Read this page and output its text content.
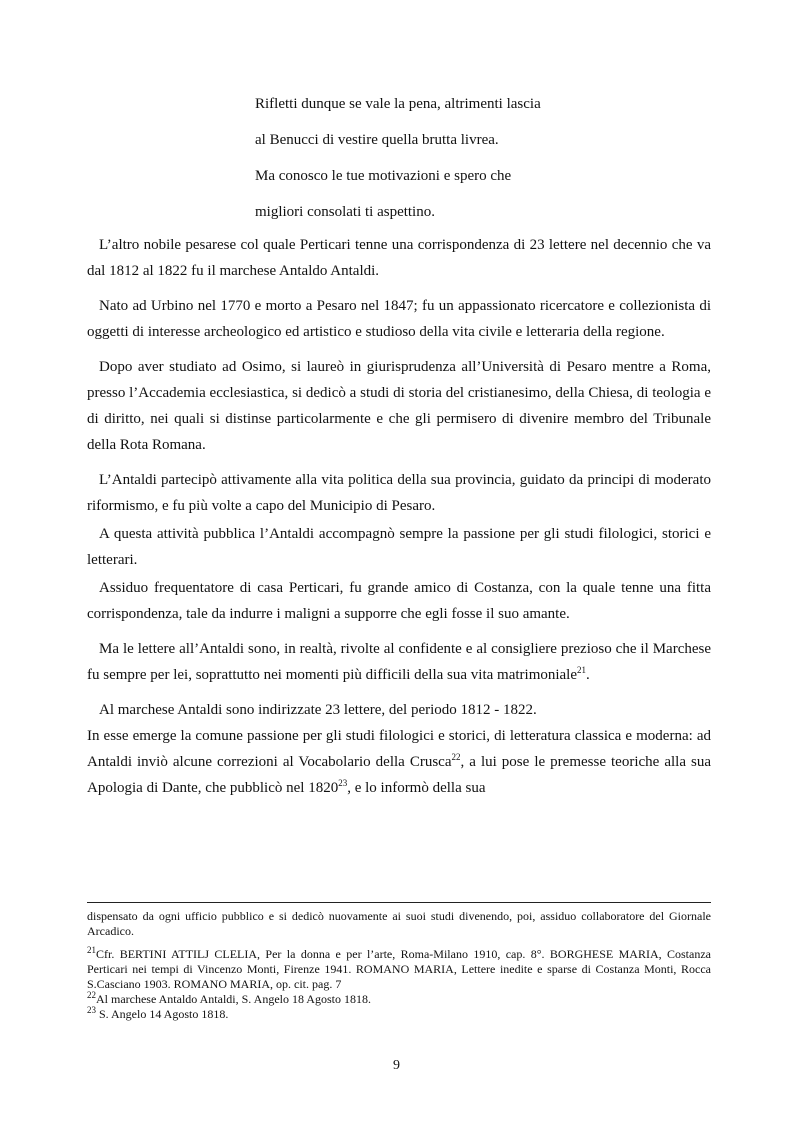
Rifletti dunque se vale la pena, altrimenti lascia
al Benucci di vestire quella brutta livrea.
Ma conosco le tue motivazioni e spero che
migliori consolati ti aspettino.

L’altro nobile pesarese col quale Perticari tenne una corrispondenza di 23 lettere nel decennio che va dal 1812 al 1822 fu il marchese Antaldo Antaldi.

Nato ad Urbino nel 1770 e morto a Pesaro nel 1847; fu un appassionato ricercatore e collezionista di oggetti di interesse archeologico ed artistico e studioso della vita civile e letteraria della regione.

Dopo aver studiato ad Osimo, si laureò in giurisprudenza all’Università di Pesaro mentre a Roma, presso l’Accademia ecclesiastica, si dedicò a studi di storia del cristianesimo, della Chiesa, di teologia e di diritto, nei quali si distinse particolarmente e che gli permisero di divenire membro del Tribunale della Rota Romana.

L’Antaldi partecipò attivamente alla vita politica della sua provincia, guidato da principi di moderato riformismo, e fu più volte a capo del Municipio di Pesaro.

A questa attività pubblica l’Antaldi accompagnò sempre la passione per gli studi filologici, storici e letterari.

Assiduo frequentatore di casa Perticari, fu grande amico di Costanza, con la quale tenne una fitta corrispondenza, tale da indurre i maligni a supporre che egli fosse il suo amante.

Ma le lettere all’Antaldi sono, in realtà, rivolte al confidente e al consigliere prezioso che il Marchese fu sempre per lei, soprattutto nei momenti più difficili della sua vita matrimoniale$^{21}$.

Al marchese Antaldi sono indirizzate 23 lettere, del periodo 1812 - 1822.

In esse emerge la comune passione per gli studi filologici e storici, di letteratura classica e moderna: ad Antaldi inviò alcune correzioni al Vocabolario della Crusca$^{22}$, a lui pose le premesse teoriche alla sua Apologia di Dante, che pubblicò nel 1820$^{23}$, e lo informò della sua

dispensato da ogni ufficio pubblico e si dedicò nuovamente ai suoi studi divenendo, poi, assiduo collaboratore del Giornale Arcadico.

$^{21}$Cfr. BERTINI ATTILJ CLELIA, Per la donna e per l’arte, Roma-Milano 1910, cap. 8°. BORGHESE MARIA, Costanza Perticari nei tempi di Vincenzo Monti, Firenze 1941. ROMANO MARIA, Lettere inedite e sparse di Costanza Monti, Rocca S.Casciano 1903. ROMANO MARIA, op. cit. pag. 7

$^{22}$Al marchese Antaldo Antaldi, S. Angelo 18 Agosto 1818.

$^{23}$ S. Angelo 14 Agosto 1818.

9
